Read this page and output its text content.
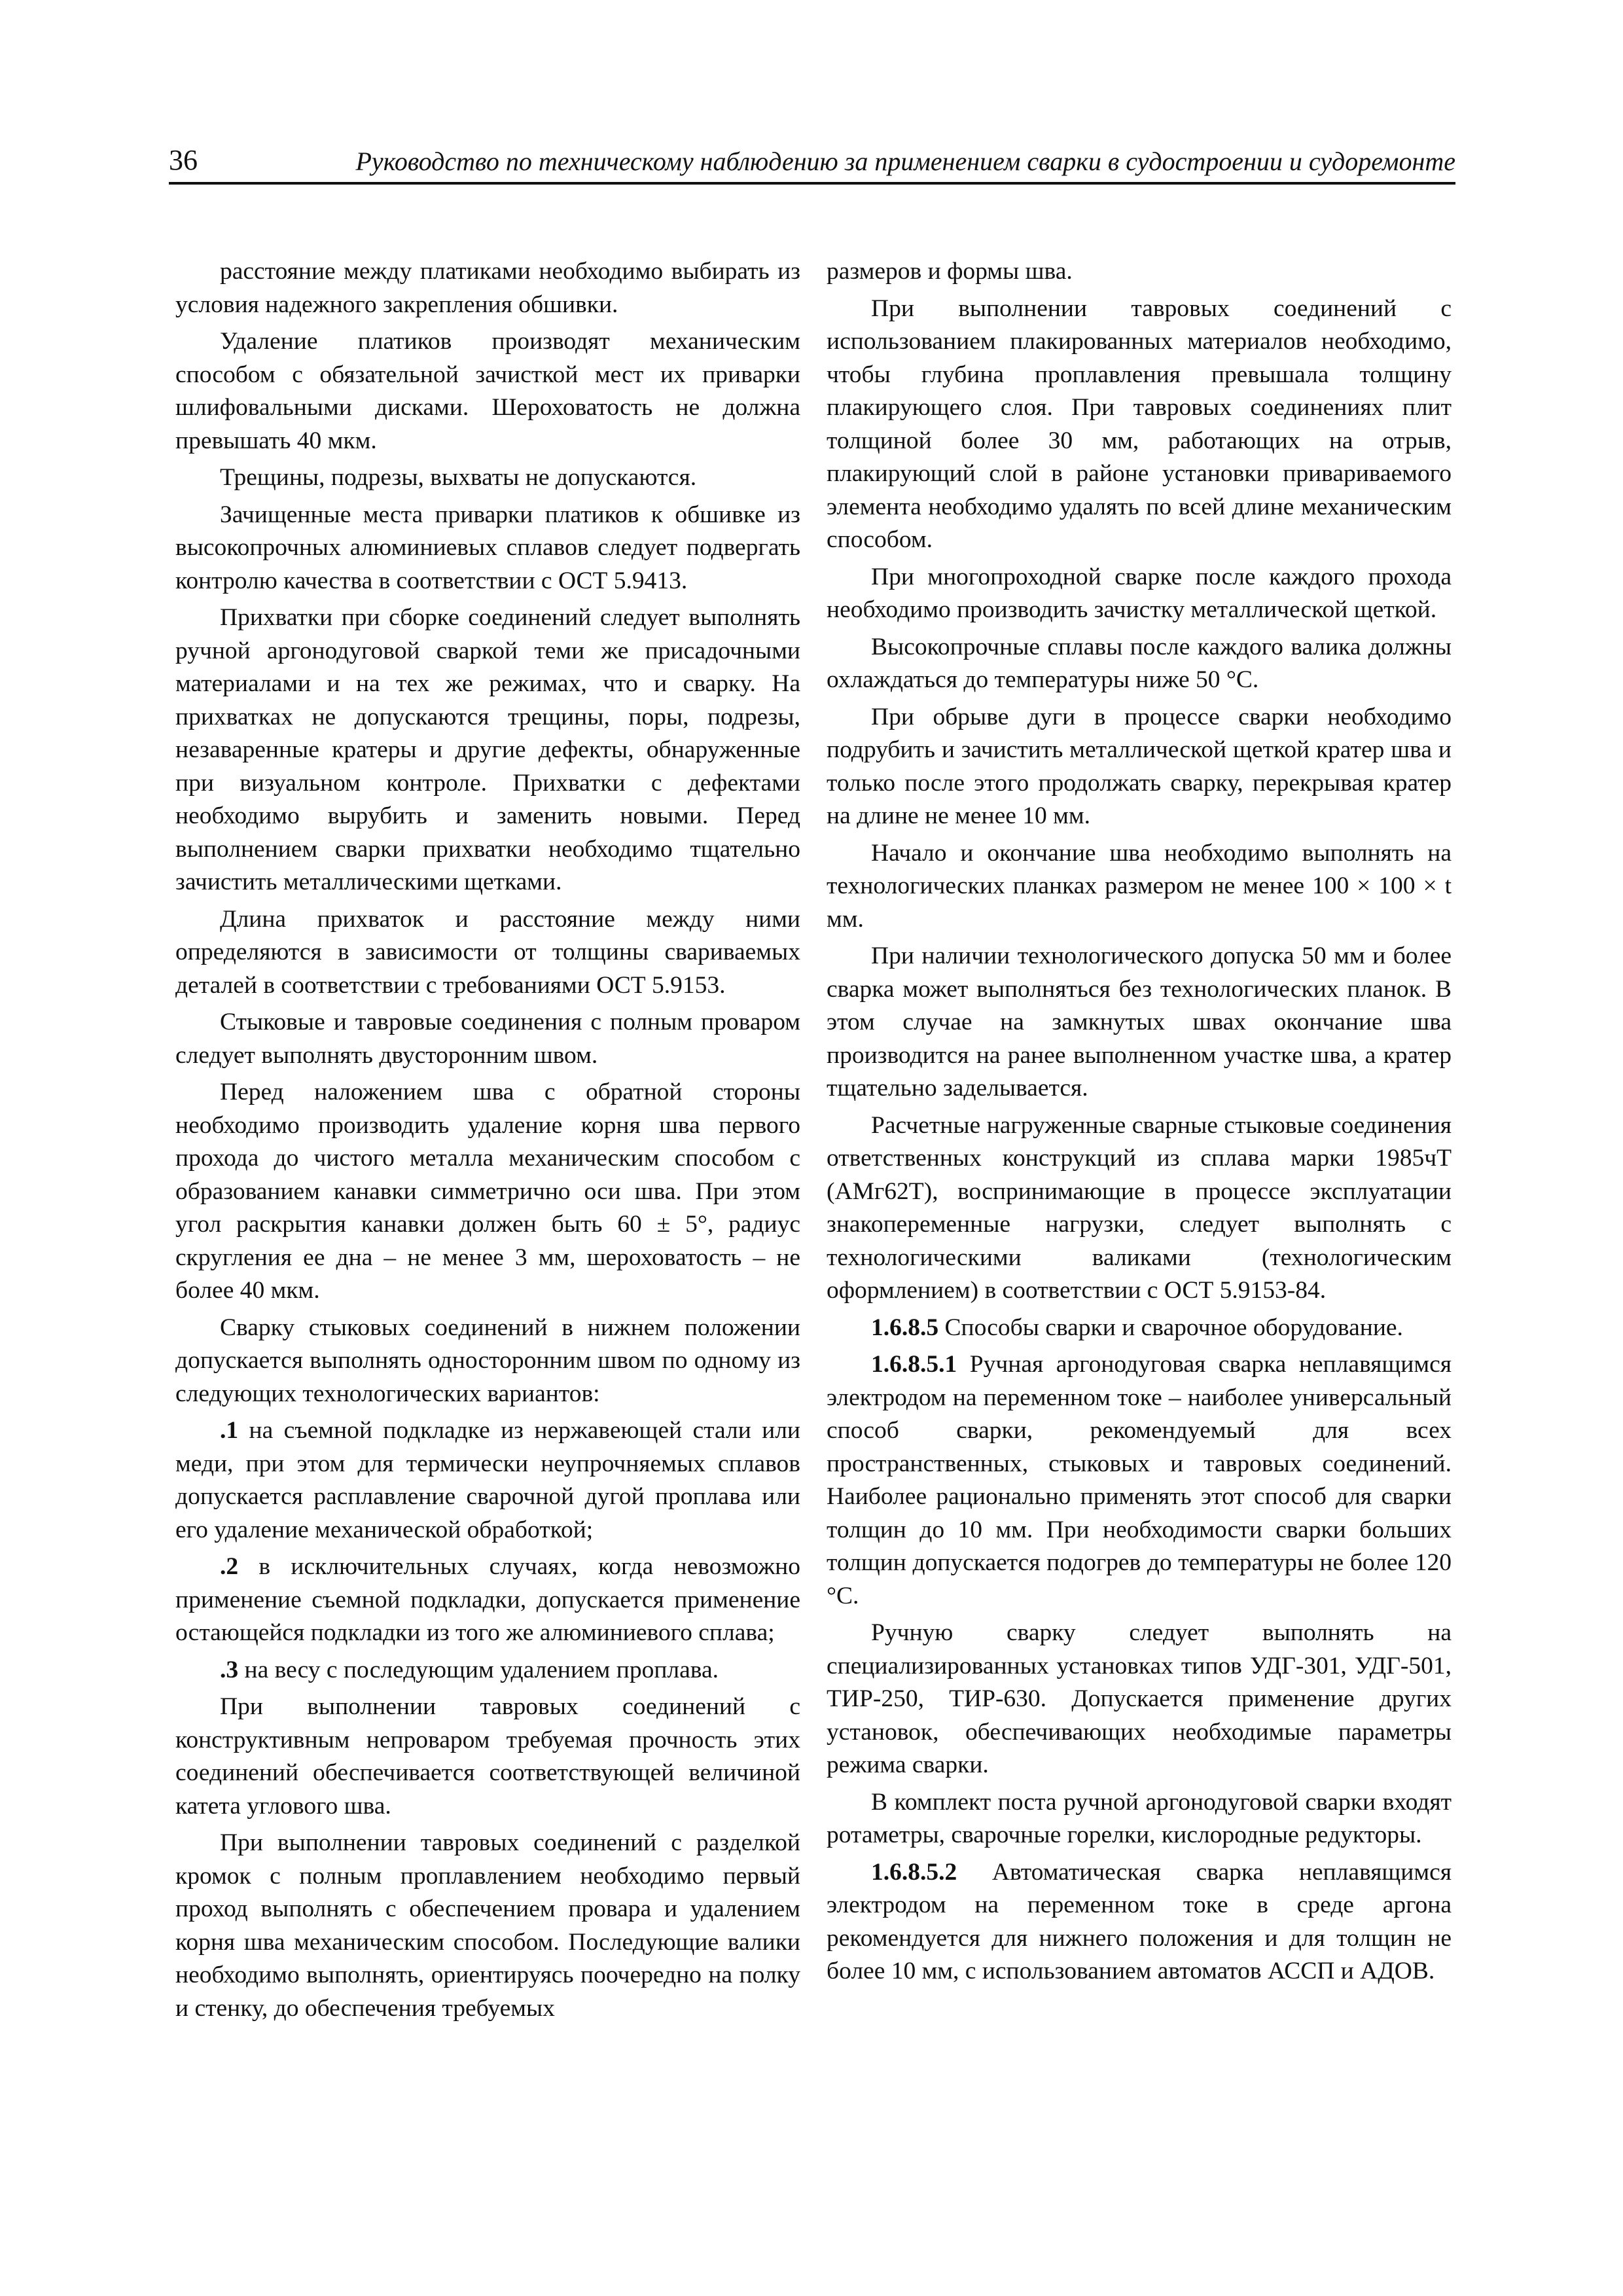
36	Руководство по техническому наблюдению за применением сварки в судостроении и судоремонте

расстояние между платиками необходимо выбирать из условия надежного закрепления обшивки.

Удаление платиков производят механическим способом с обязательной зачисткой мест их приварки шлифовальными дисками. Шероховатость не должна превышать 40 мкм.

Трещины, подрезы, выхваты не допускаются.

Зачищенные места приварки платиков к обшивке из высокопрочных алюминиевых сплавов следует подвергать контролю качества в соответствии с ОСТ 5.9413.

Прихватки при сборке соединений следует выполнять ручной аргонодуговой сваркой теми же присадочными материалами и на тех же режимах, что и сварку. На прихватках не допускаются трещины, поры, подрезы, незаваренные кратеры и другие дефекты, обнаруженные при визуальном контроле. Прихватки с дефектами необходимо вырубить и заменить новыми. Перед выполнением сварки прихватки необходимо тщательно зачистить металлическими щетками.

Длина прихваток и расстояние между ними определяются в зависимости от толщины свариваемых деталей в соответствии с требованиями ОСТ 5.9153.

Стыковые и тавровые соединения с полным проваром следует выполнять двусторонним швом.

Перед наложением шва с обратной стороны необходимо производить удаление корня шва первого прохода до чистого металла механическим способом с образованием канавки симметрично оси шва. При этом угол раскрытия канавки должен быть 60 ± 5°, радиус скругления ее дна – не менее 3 мм, шероховатость – не более 40 мкм.

Сварку стыковых соединений в нижнем положении допускается выполнять односторонним швом по одному из следующих технологических вариантов:

.1 на съемной подкладке из нержавеющей стали или меди, при этом для термически неупрочняемых сплавов допускается расплавление сварочной дугой проплава или его удаление механической обработкой;

.2 в исключительных случаях, когда невозможно применение съемной подкладки, допускается применение остающейся подкладки из того же алюминиевого сплава;

.3 на весу с последующим удалением проплава.

При выполнении тавровых соединений с конструктивным непроваром требуемая прочность этих соединений обеспечивается соответствующей величиной катета углового шва.

При выполнении тавровых соединений с разделкой кромок с полным проплавлением необходимо первый проход выполнять с обеспечением провара и удалением корня шва механическим способом. Последующие валики необходимо выполнять, ориентируясь поочередно на полку и стенку, до обеспечения требуемых

размеров и формы шва.

При выполнении тавровых соединений с использованием плакированных материалов необходимо, чтобы глубина проплавления превышала толщину плакирующего слоя. При тавровых соединениях плит толщиной более 30 мм, работающих на отрыв, плакирующий слой в районе установки привариваемого элемента необходимо удалять по всей длине механическим способом.

При многопроходной сварке после каждого прохода необходимо производить зачистку металлической щеткой.

Высокопрочные сплавы после каждого валика должны охлаждаться до температуры ниже 50 °С.

При обрыве дуги в процессе сварки необходимо подрубить и зачистить металлической щеткой кратер шва и только после этого продолжать сварку, перекрывая кратер на длине не менее 10 мм.

Начало и окончание шва необходимо выполнять на технологических планках размером не менее 100 × 100 × t мм.

При наличии технологического допуска 50 мм и более сварка может выполняться без технологических планок. В этом случае на замкнутых швах окончание шва производится на ранее выполненном участке шва, а кратер тщательно заделывается.

Расчетные нагруженные сварные стыковые соединения ответственных конструкций из сплава марки 1985чТ (АМг62Т), воспринимающие в процессе эксплуатации знакопеременные нагрузки, следует выполнять с технологическими валиками (технологическим оформлением) в соответствии с ОСТ 5.9153-84.

1.6.8.5 Способы сварки и сварочное оборудование.

1.6.8.5.1 Ручная аргонодуговая сварка неплавящимся электродом на переменном токе – наиболее универсальный способ сварки, рекомендуемый для всех пространственных, стыковых и тавровых соединений. Наиболее рационально применять этот способ для сварки толщин до 10 мм. При необходимости сварки больших толщин допускается подогрев до температуры не более 120 °С.

Ручную сварку следует выполнять на специализированных установках типов УДГ-301, УДГ-501, ТИР-250, ТИР-630. Допускается применение других установок, обеспечивающих необходимые параметры режима сварки.

В комплект поста ручной аргонодуговой сварки входят ротаметры, сварочные горелки, кислородные редукторы.

1.6.8.5.2 Автоматическая сварка неплавящимся электродом на переменном токе в среде аргона рекомендуется для нижнего положения и для толщин не более 10 мм, с использованием автоматов АССП и АДОВ.
